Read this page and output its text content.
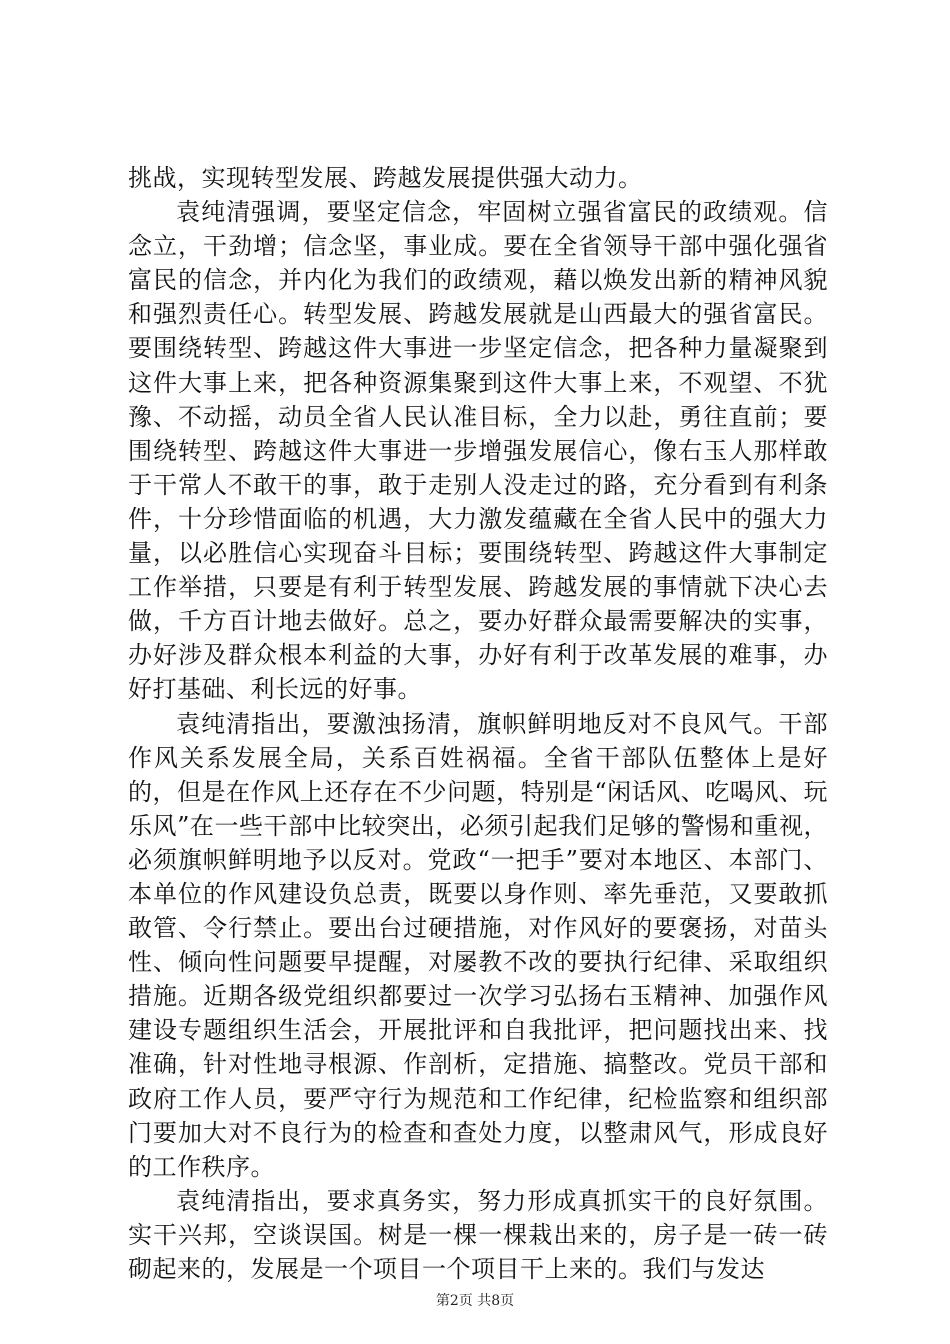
挑战，实现转型发展、跨越发展提供强大动力。

袁纯清强调，要坚定信念，牢固树立强省富民的政绩观。信念立，干劲增；信念坚，事业成。要在全省领导干部中强化强省富民的信念，并内化为我们的政绩观，藉以焕发出新的精神风貌和强烈责任心。转型发展、跨越发展就是山西最大的强省富民。要围绕转型、跨越这件大事进一步坚定信念，把各种力量凝聚到这件大事上来，把各种资源集聚到这件大事上来，不观望、不犹豫、不动摇，动员全省人民认准目标，全力以赴，勇往直前；要围绕转型、跨越这件大事进一步增强发展信心，像右玉人那样敢于干常人不敢干的事，敢于走别人没走过的路，充分看到有利条件，十分珍惜面临的机遇，大力激发蕴藏在全省人民中的强大力量，以必胜信心实现奋斗目标；要围绕转型、跨越这件大事制定工作举措，只要是有利于转型发展、跨越发展的事情就下决心去做，千方百计地去做好。总之，要办好群众最需要解决的实事，办好涉及群众根本利益的大事，办好有利于改革发展的难事，办好打基础、利长远的好事。

袁纯清指出，要激浊扬清，旗帜鲜明地反对不良风气。干部作风关系发展全局，关系百姓祸福。全省干部队伍整体上是好的，但是在作风上还存在不少问题，特别是“闲话风、吃喝风、玩乐风”在一些干部中比较突出，必须引起我们足够的警惕和重视，必须旗帜鲜明地予以反对。党政“一把手”要对本地区、本部门、本单位的作风建设负总责，既要以身作则、率先垂范，又要敢抓敢管、令行禁止。要出台过硬措施，对作风好的要褒扬，对苗头性、倾向性问题要早提醒，对屡教不改的要执行纪律、采取组织措施。近期各级党组织都要过一次学习弘扬右玉精神、加强作风建设专题组织生活会，开展批评和自我批评，把问题找出来、找准确，针对性地寻根源、作剖析，定措施、搞整改。党员干部和政府工作人员，要严守行为规范和工作纪律，纪检监察和组织部门要加大对不良行为的检查和查处力度，以整肃风气，形成良好的工作秩序。

袁纯清指出，要求真务实，努力形成真抓实干的良好氛围。实干兴邦，空谈误国。树是一棵一棵栽出来的，房子是一砖一砖砌起来的，发展是一个项目一个项目干上来的。我们与发达

第2页 共8页
